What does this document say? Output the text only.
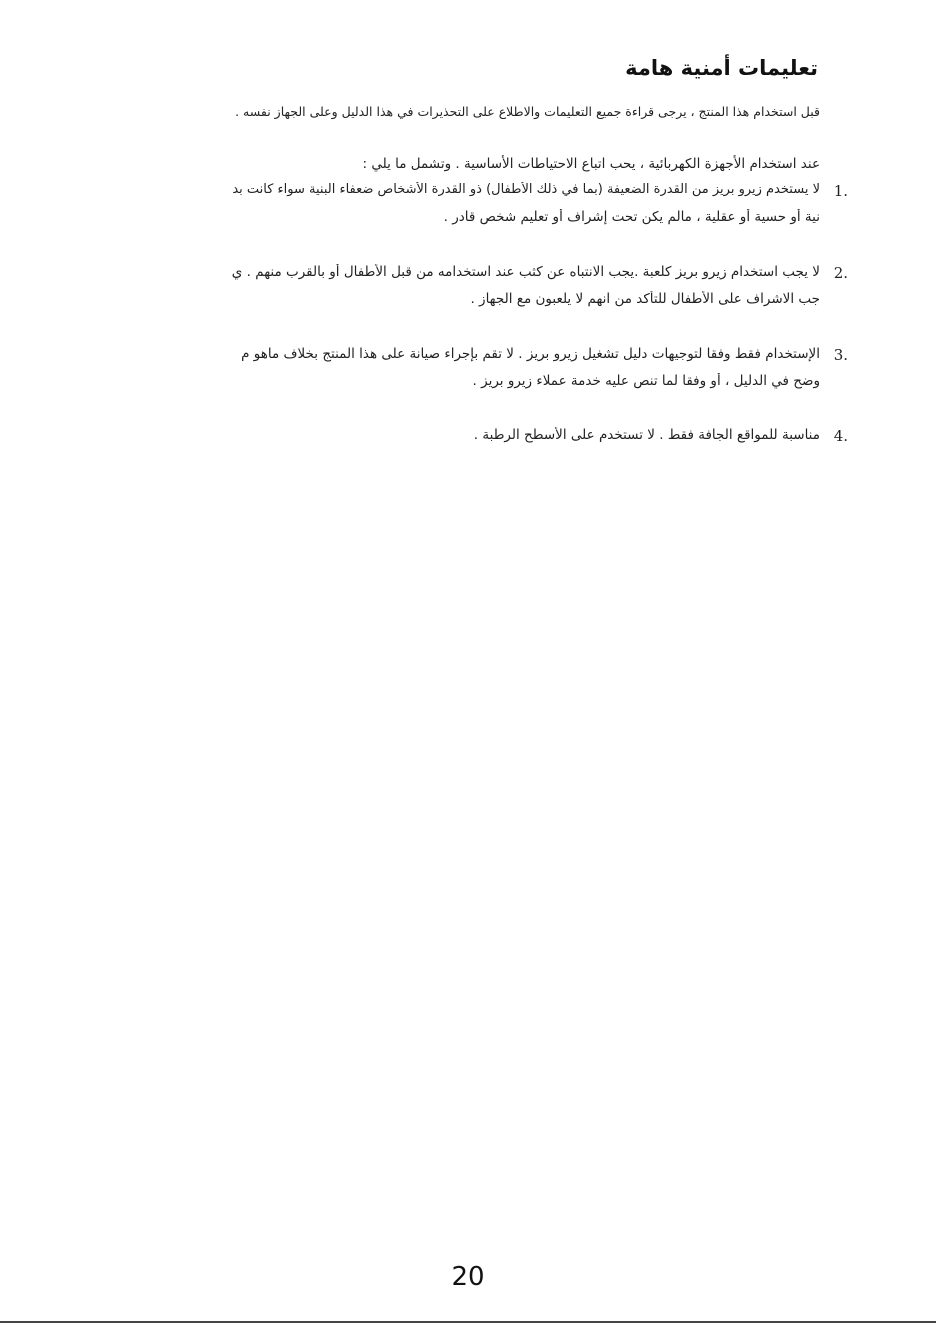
تعليمات أمنية هامة
قبل استخدام هذا المنتج ، يرجى قراءة جميع التعليمات والاطلاع على التحذيرات في هذا الدليل وعلى الجهاز نفسه .
عند استخدام الأجهزة الكهربائية ، يحب اتباع الاحتياطات الأساسية . وتشمل ما يلي :
1.
لا يستخدم زيرو بريز من القدرة الضعيفة (بما في ذلك الأطفال) ذو القدرة الأشخاص ضعفاء البنية سواء كانت بد
نية أو حسية أو عقلية ، مالم يكن تحت إشراف أو تعليم شخص قادر .
2.
لا يجب استخدام زيرو بريز كلعبة .يجب الانتباه عن كثب عند استخدامه من قبل الأطفال أو بالقرب منهم . ي
جب الاشراف على الأطفال للتأكد من انهم لا يلعبون مع الجهاز .
3.
الإستخدام فقط وفقا لتوجيهات دليل تشغيل زيرو بريز . لا تقم بإجراء صيانة على هذا المنتج بخلاف ماهو م
وضح في الدليل ، أو وفقا لما تنص عليه خدمة عملاء زيرو بريز .
4.
مناسبة للمواقع الجافة فقط . لا تستخدم على الأسطح الرطبة .
20
